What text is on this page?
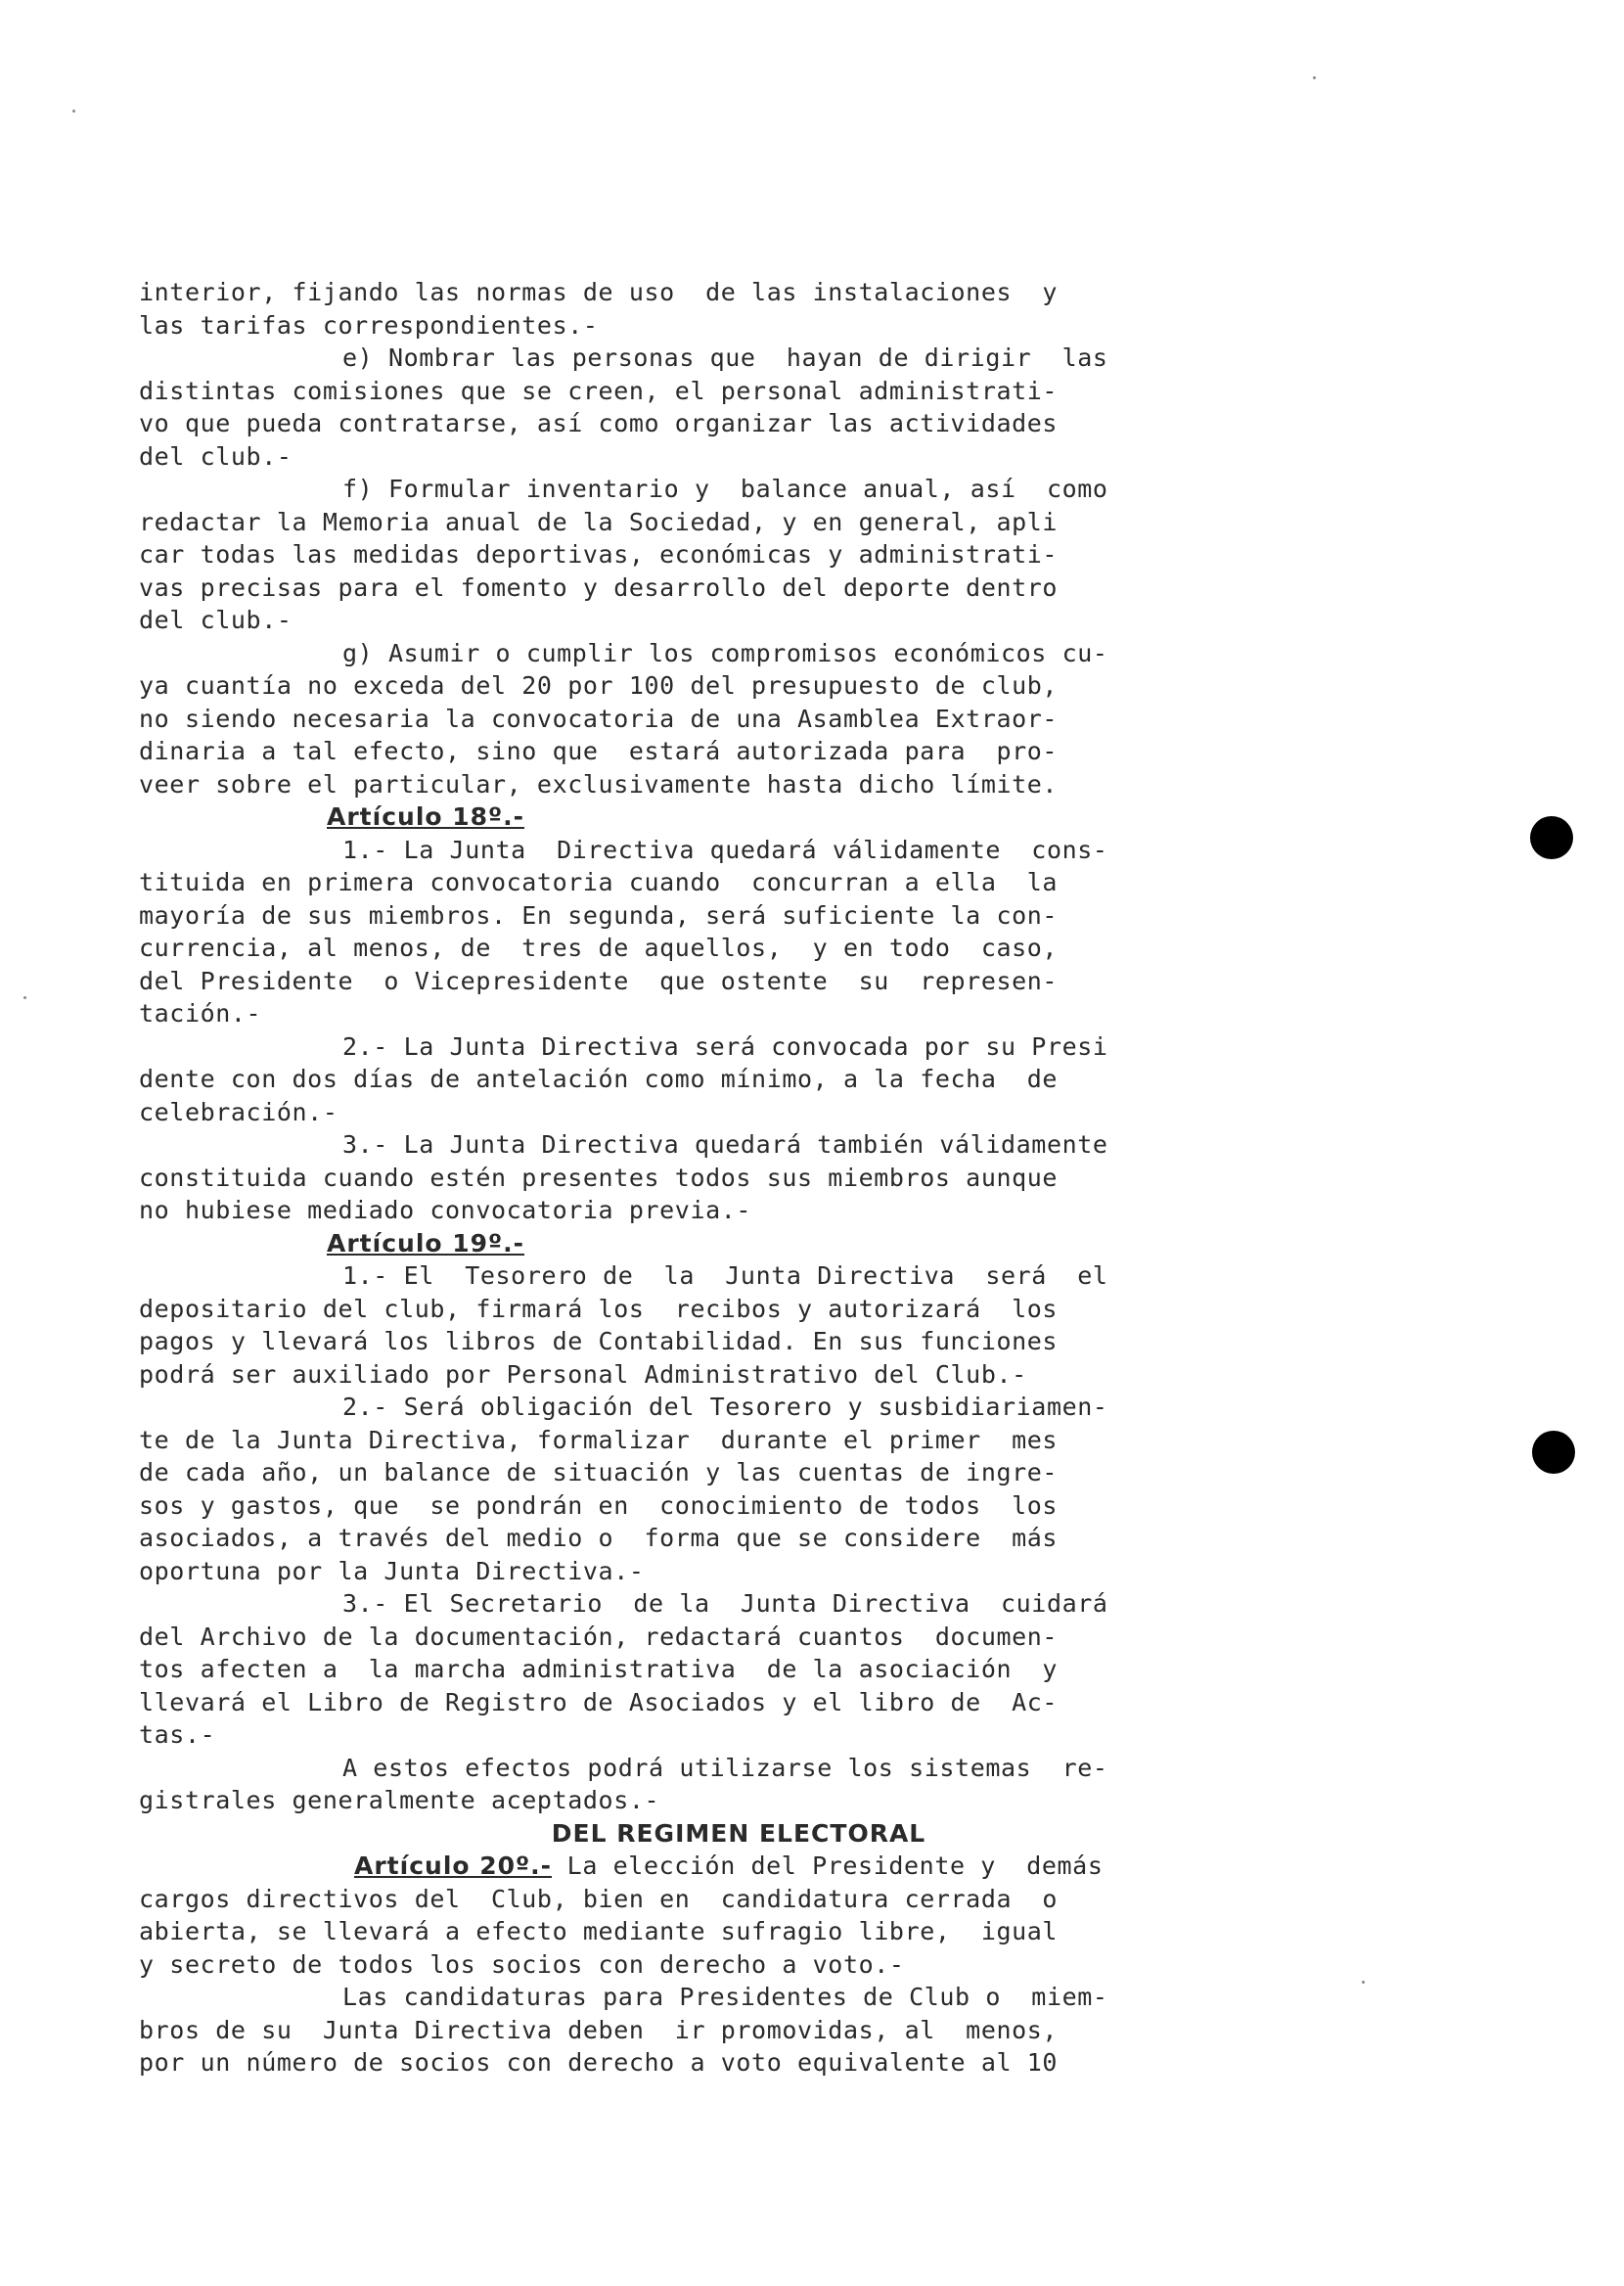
interior, fijando las normas de uso  de las instalaciones  y
las tarifas correspondientes.-
e) Nombrar las personas que  hayan de dirigir  las
distintas comisiones que se creen, el personal administrati-
vo que pueda contratarse, así como organizar las actividades
del club.-
f) Formular inventario y  balance anual, así  como
redactar la Memoria anual de la Sociedad, y en general, apli
car todas las medidas deportivas, económicas y administrati-
vas precisas para el fomento y desarrollo del deporte dentro
del club.-
g) Asumir o cumplir los compromisos económicos cu-
ya cuantía no exceda del 20 por 100 del presupuesto de club,
no siendo necesaria la convocatoria de una Asamblea Extraor-
dinaria a tal efecto, sino que  estará autorizada para  pro-
veer sobre el particular, exclusivamente hasta dicho límite.
Artículo 18º.-
1.- La Junta  Directiva quedará válidamente  cons-
tituida en primera convocatoria cuando  concurran a ella  la
mayoría de sus miembros. En segunda, será suficiente la con-
currencia, al menos, de  tres de aquellos,  y en todo  caso,
del Presidente  o Vicepresidente  que ostente  su  represen-
tación.-
2.- La Junta Directiva será convocada por su Presi
dente con dos días de antelación como mínimo, a la fecha  de
celebración.-
3.- La Junta Directiva quedará también válidamente
constituida cuando estén presentes todos sus miembros aunque
no hubiese mediado convocatoria previa.-
Artículo 19º.-
1.- El  Tesorero de  la  Junta Directiva  será  el
depositario del club, firmará los  recibos y autorizará  los
pagos y llevará los libros de Contabilidad. En sus funciones
podrá ser auxiliado por Personal Administrativo del Club.-
2.- Será obligación del Tesorero y susbidiariamen-
te de la Junta Directiva, formalizar  durante el primer  mes
de cada año, un balance de situación y las cuentas de ingre-
sos y gastos, que  se pondrán en  conocimiento de todos  los
asociados, a través del medio o  forma que se considere  más
oportuna por la Junta Directiva.-
3.- El Secretario  de la  Junta Directiva  cuidará
del Archivo de la documentación, redactará cuantos  documen-
tos afecten a  la marcha administrativa  de la asociación  y
llevará el Libro de Registro de Asociados y el libro de  Ac-
tas.-
A estos efectos podrá utilizarse los sistemas  re-
gistrales generalmente aceptados.-
DEL REGIMEN ELECTORAL
Artículo 20º.- La elección del Presidente y  demás
cargos directivos del  Club, bien en  candidatura cerrada  o
abierta, se llevará a efecto mediante sufragio libre,  igual
y secreto de todos los socios con derecho a voto.-
Las candidaturas para Presidentes de Club o  miem-
bros de su  Junta Directiva deben  ir promovidas, al  menos,
por un número de socios con derecho a voto equivalente al 10
